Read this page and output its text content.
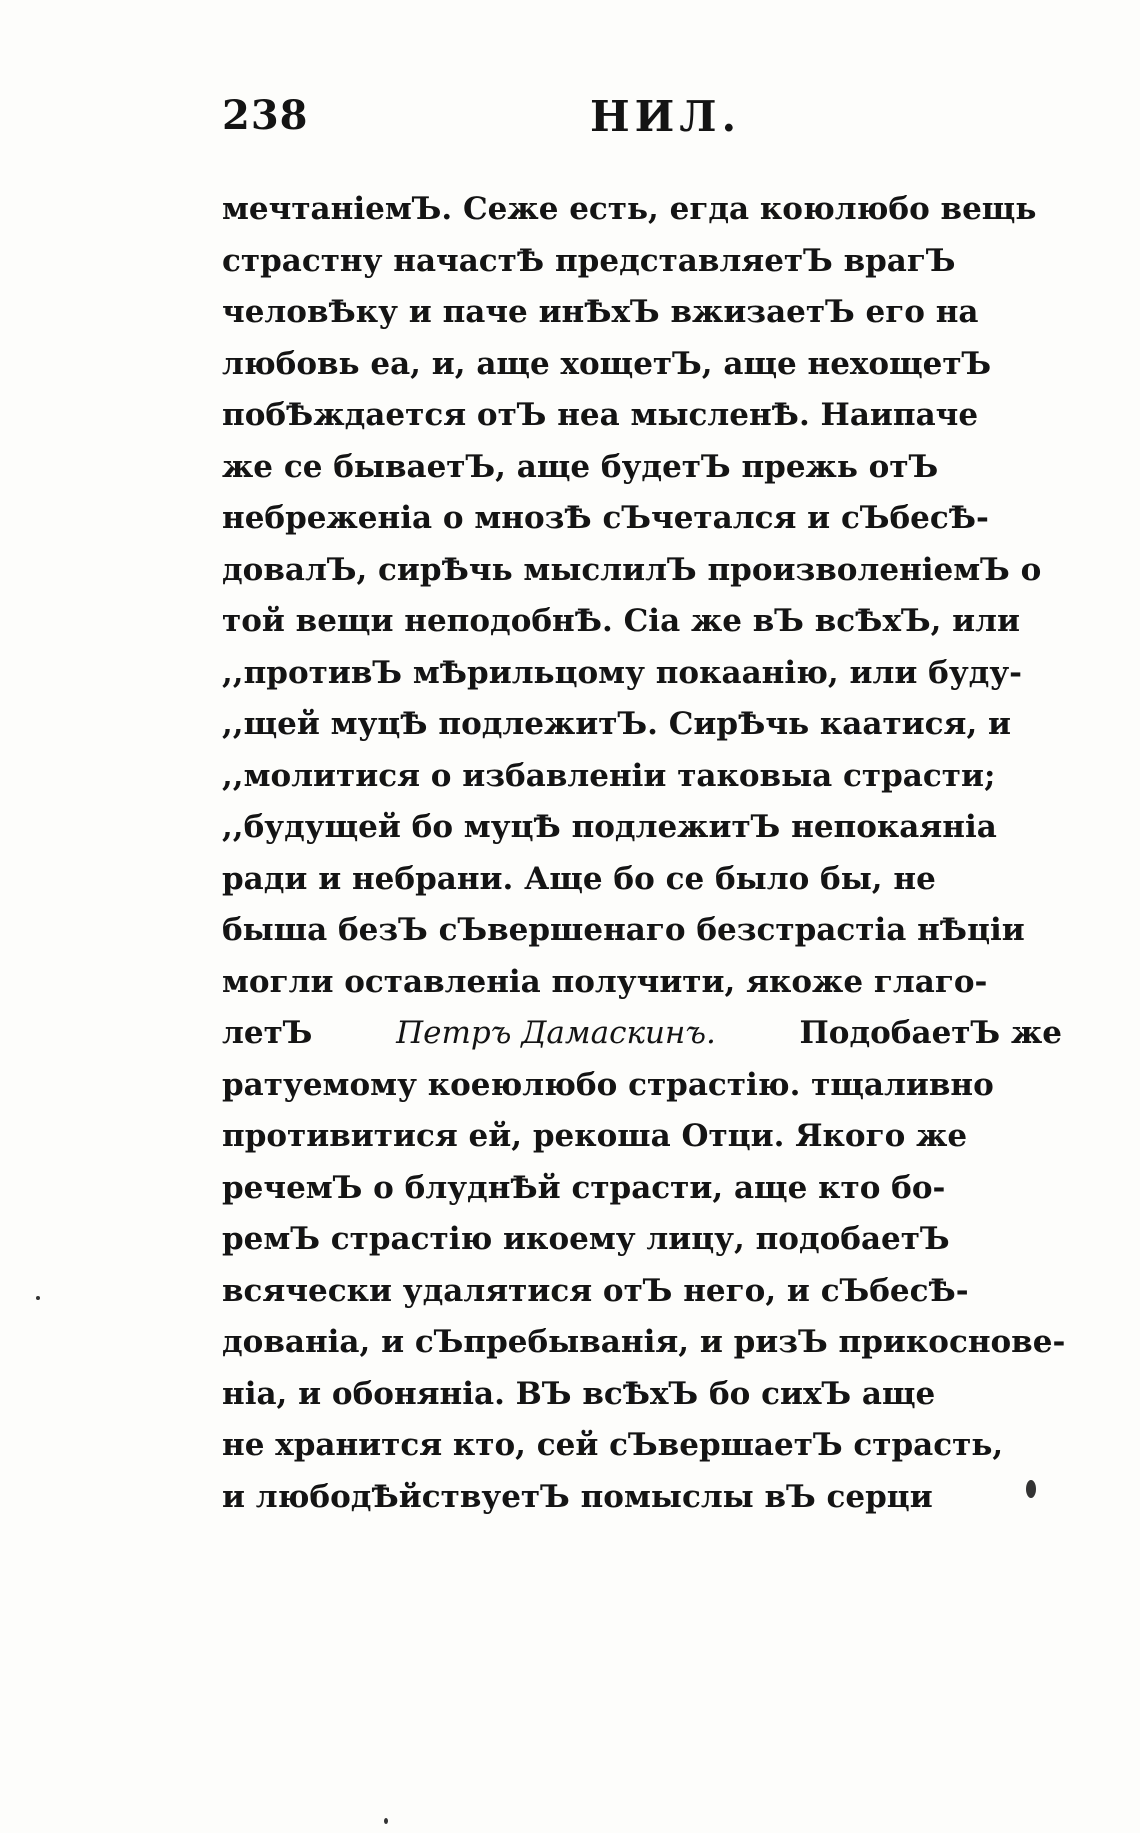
238	НИЛ.
мечтаніемЪ. Сеже есть, егда коюлюбо вещь
страстну начастѢ представляетЪ врагЪ
человѢку и паче инѢхЪ вжизаетЪ его на
любовь еа, и, аще хощетЪ, аще нехощетЪ
побѢждается отЪ неа мысленѢ. Наипаче
же се бываетЪ, аще будетЪ прежь отЪ
небреженіа о мнозѢ сЪчетался и сЪбесѢ-
довалЪ, сирѢчь мыслилЪ произволеніемЪ о
той вещи неподобнѢ. Сіа же вЪ всѢхЪ, или
,,противЪ мѢрильцому покаанію, или буду-
,,щей муцѢ подлежитЪ. СирѢчь каатися, и
,,молитися о избавленіи таковыа страсти;
,,будущей бо муцѢ подлежитЪ непокаяніа
ради и небрани. Аще бо се было бы, не
быша безЪ сЪвершенаго безстрастіа нѢціи
могли оставленіа получити, якоже глаго-
летЪ	Петръ Дамаскинъ.	ПодобаетЪ же
ратуемому коеюлюбо страстію. тщаливно
противитися ей, рекоша Отци. Якого же
речемЪ о блуднѢй страсти, аще кто бо-
ремЪ страстію икоему лицу, подобаетЪ
всячески удалятися отЪ него, и сЪбесѢ-
дованіа, и сЪпребыванія, и ризЪ прикоснове-
ніа, и обоняніа. ВЪ всѢхЪ бо сихЪ аще
не хранится кто, сей сЪвершаетЪ страсть,
и любодѢйствуетЪ помыслы вЪ серци
